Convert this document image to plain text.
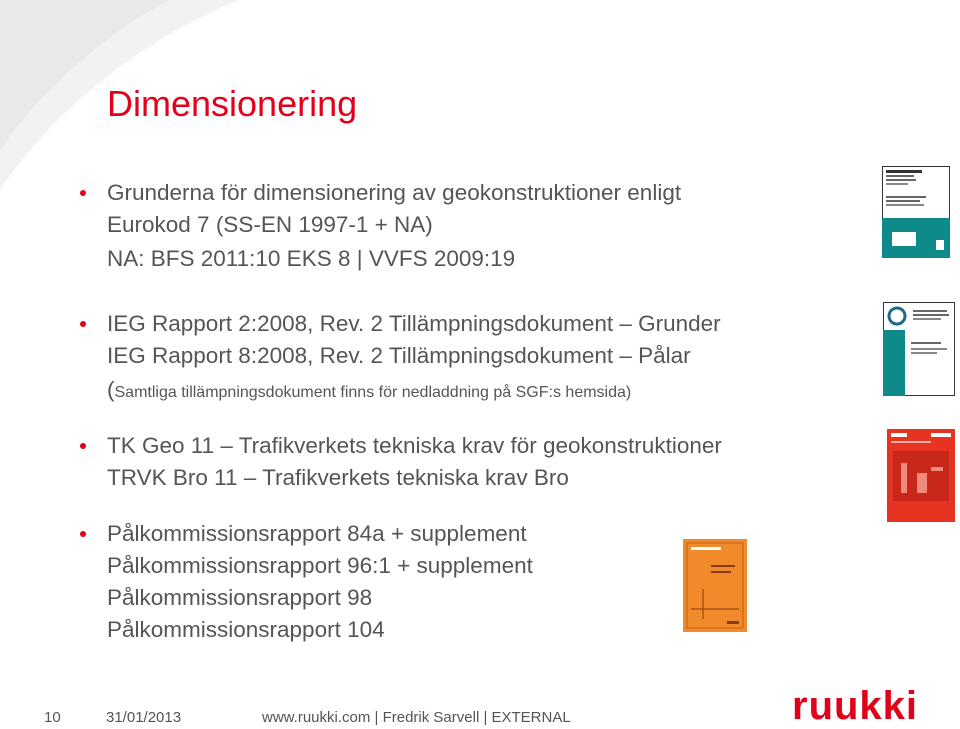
Dimensionering
Grunderna för dimensionering av geokonstruktioner enligt
Eurokod 7 (SS-EN 1997-1 + NA)
NA: BFS 2011:10 EKS 8 | VVFS 2009:19
IEG Rapport 2:2008, Rev. 2 Tillämpningsdokument – Grunder
IEG Rapport 8:2008, Rev. 2 Tillämpningsdokument – Pålar
(Samtliga tillämpningsdokument finns för nedladdning på SGF:s hemsida)
TK Geo 11 – Trafikverkets tekniska krav för geokonstruktioner
TRVK Bro 11 – Trafikverkets tekniska krav Bro
Pålkommissionsrapport 84a + supplement
Pålkommissionsrapport 96:1 + supplement
Pålkommissionsrapport 98
Pålkommissionsrapport 104
10	31/01/2013	www.ruukki.com | Fredrik Sarvell | EXTERNAL	ruukki
